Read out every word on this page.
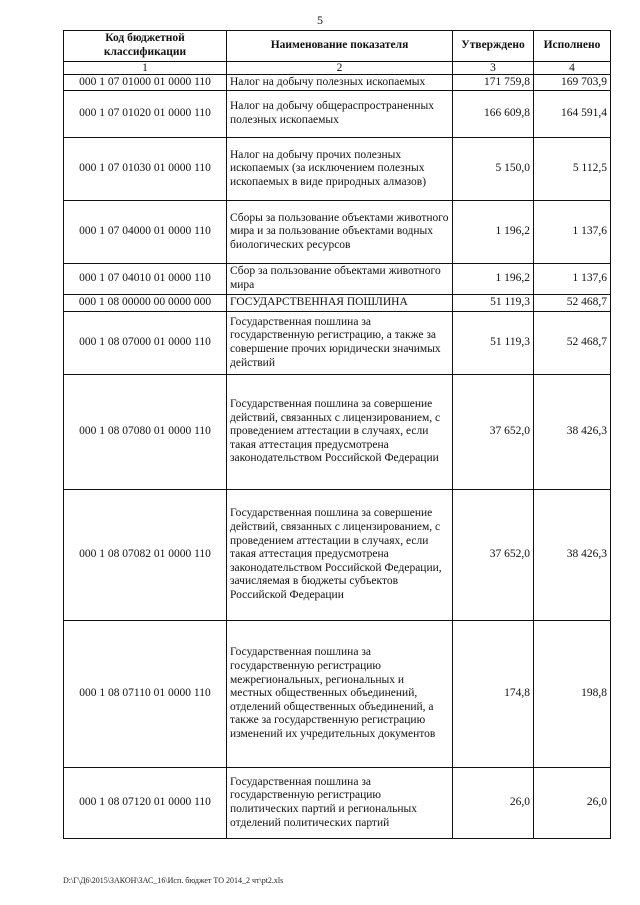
5
Код бюджетной классификации	Наименование показателя	Утверждено	Исполнено
1	2	3	4
000 1 07 01000 01 0000 110	Налог на добычу полезных ископаемых	171 759,8	169 703,9
000 1 07 01020 01 0000 110	Налог на добычу общераспространенных полезных ископаемых	166 609,8	164 591,4
000 1 07 01030 01 0000 110	Налог на добычу прочих полезных ископаемых (за исключением полезных ископаемых в виде природных алмазов)	5 150,0	5 112,5
000 1 07 04000 01 0000 110	Сборы за пользование объектами животного мира и за пользование объектами водных биологических ресурсов	1 196,2	1 137,6
000 1 07 04010 01 0000 110	Сбор за пользование объектами животного мира	1 196,2	1 137,6
000 1 08 00000 00 0000 000	ГОСУДАРСТВЕННАЯ ПОШЛИНА	51 119,3	52 468,7
000 1 08 07000 01 0000 110	Государственная пошлина за государственную регистрацию, а также за совершение прочих юридически значимых действий	51 119,3	52 468,7
000 1 08 07080 01 0000 110	Государственная пошлина за совершение действий, связанных с лицензированием, с проведением аттестации в случаях, если такая аттестация предусмотрена законодательством Российской Федерации	37 652,0	38 426,3
000 1 08 07082 01 0000 110	Государственная пошлина за совершение действий, связанных с лицензированием, с проведением аттестации в случаях, если такая аттестация предусмотрена законодательством Российской Федерации, зачисляемая в бюджеты субъектов Российской Федерации	37 652,0	38 426,3
000 1 08 07110 01 0000 110	Государственная пошлина за государственную регистрацию межрегиональных, региональных и местных общественных объединений, отделений общественных объединений, а также за государственную регистрацию изменений их учредительных документов	174,8	198,8
000 1 08 07120 01 0000 110	Государственная пошлина за государственную регистрацию политических партий и региональных отделений политических партий	26,0	26,0
D:\Г\Д6\2015\ЗАКОН\ЗАС_16\Исп. бюджет ТО 2014_2 чт\pt2.xls
